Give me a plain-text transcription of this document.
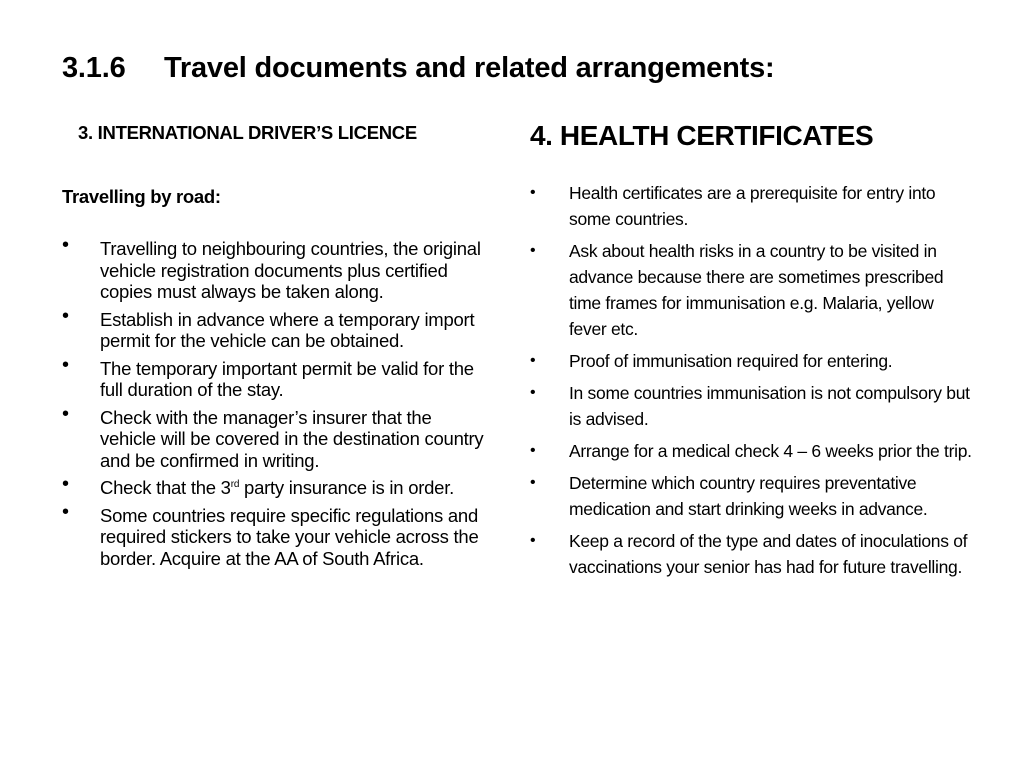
3.1.6 Travel documents and related arrangements:
3. INTERNATIONAL DRIVER’S LICENCE
Travelling by road:
• Travelling to neighbouring countries, the original vehicle registration documents plus certified copies must always be taken along.
• Establish in advance where a temporary import permit for the vehicle can be obtained.
• The temporary important permit be valid for the full duration of the stay.
• Check with the manager’s insurer that the vehicle will be covered in the destination country and be confirmed in writing.
• Check that the 3rd party insurance is in order.
• Some countries require specific regulations and required stickers to take your vehicle across the border. Acquire at the AA of South Africa.
4. HEALTH CERTIFICATES
• Health certificates are a prerequisite for entry into some countries.
• Ask about health risks in a country to be visited in advance because there are sometimes prescribed time frames for immunisation e.g. Malaria, yellow fever etc.
• Proof of immunisation required for entering.
• In some countries immunisation is not compulsory but is advised.
• Arrange for a medical check 4 – 6 weeks prior the trip.
• Determine which country requires preventative medication and start drinking weeks in advance.
• Keep a record of the type and dates of inoculations of vaccinations your senior has had for future travelling.
